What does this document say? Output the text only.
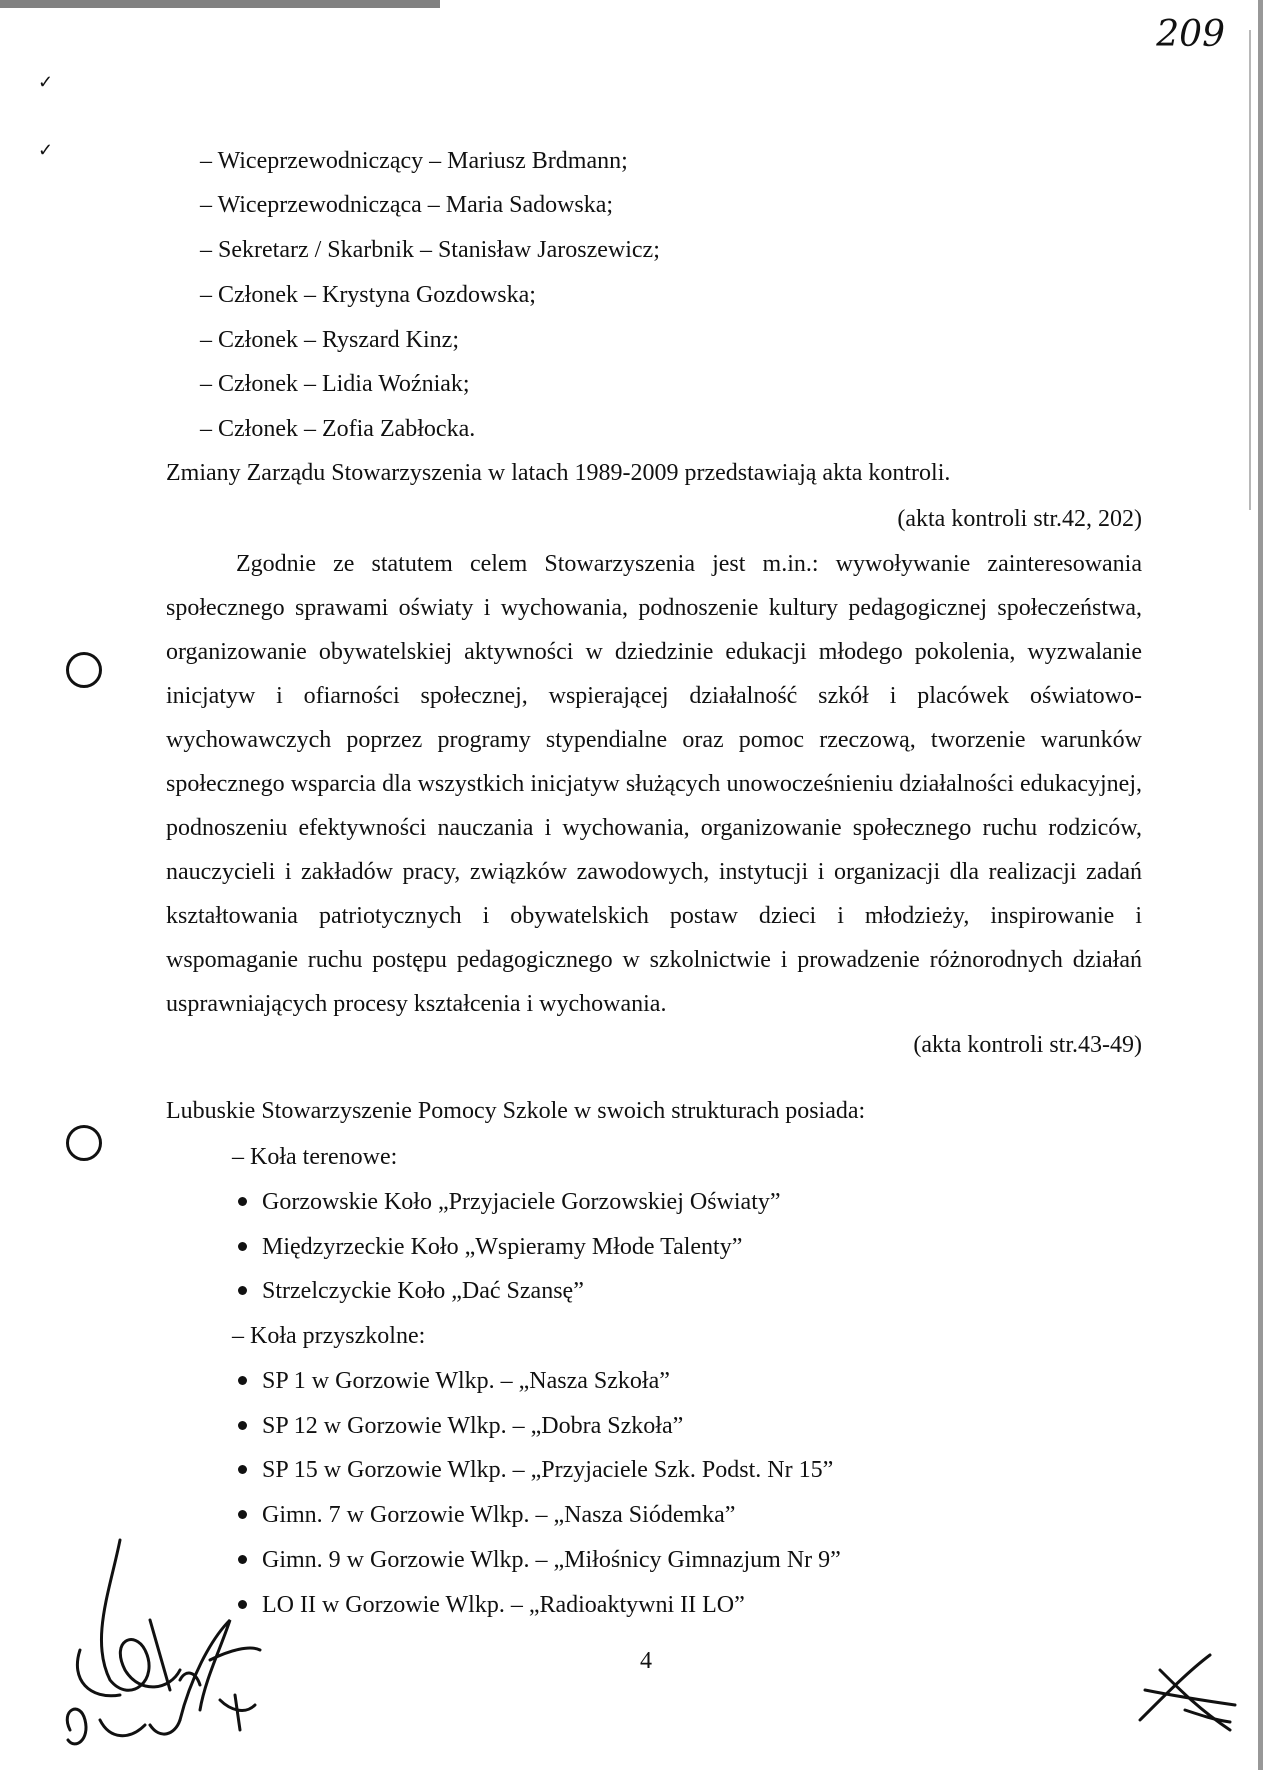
209
✓
✓	– Wiceprzewodniczący – Mariusz Brdmann;
– Wiceprzewodnicząca – Maria Sadowska;
– Sekretarz / Skarbnik – Stanisław Jaroszewicz;
– Członek – Krystyna Gozdowska;
– Członek – Ryszard Kinz;
– Członek – Lidia Woźniak;
– Członek – Zofia Zabłocka.
Zmiany Zarządu Stowarzyszenia w latach 1989-2009 przedstawiają akta kontroli.
(akta kontroli str.42, 202)
Zgodnie ze statutem celem Stowarzyszenia jest m.in.: wywoływanie zainteresowania społecznego sprawami oświaty i wychowania, podnoszenie kultury pedagogicznej społeczeństwa, organizowanie obywatelskiej aktywności w dziedzinie edukacji młodego pokolenia, wyzwalanie inicjatyw i ofiarności społecznej, wspierającej działalność szkół i placówek oświatowo-wychowawczych poprzez programy stypendialne oraz pomoc rzeczową, tworzenie warunków społecznego wsparcia dla wszystkich inicjatyw służących unowocześnieniu działalności edukacyjnej, podnoszeniu efektywności nauczania i wychowania, organizowanie społecznego ruchu rodziców, nauczycieli i zakładów pracy, związków zawodowych, instytucji i organizacji dla realizacji zadań kształtowania patriotycznych i obywatelskich postaw dzieci i młodzieży, inspirowanie i wspomaganie ruchu postępu pedagogicznego w szkolnictwie i prowadzenie różnorodnych działań usprawniających procesy kształcenia i wychowania.
(akta kontroli str.43-49)
Lubuskie Stowarzyszenie Pomocy Szkole w swoich strukturach posiada:
– Koła terenowe:
Gorzowskie Koło „Przyjaciele Gorzowskiej Oświaty”
Międzyrzeckie Koło „Wspieramy Młode Talenty”
Strzelczyckie Koło „Dać Szansę”
– Koła przyszkolne:
SP 1 w Gorzowie Wlkp. – „Nasza Szkoła”
SP 12 w Gorzowie Wlkp. – „Dobra Szkoła”
SP 15 w Gorzowie Wlkp. – „Przyjaciele Szk. Podst. Nr 15”
Gimn. 7 w Gorzowie Wlkp. – „Nasza Siódemka”
Gimn. 9 w Gorzowie Wlkp. – „Miłośnicy Gimnazjum Nr 9”
LO II w Gorzowie Wlkp. – „Radioaktywni II LO”
4
